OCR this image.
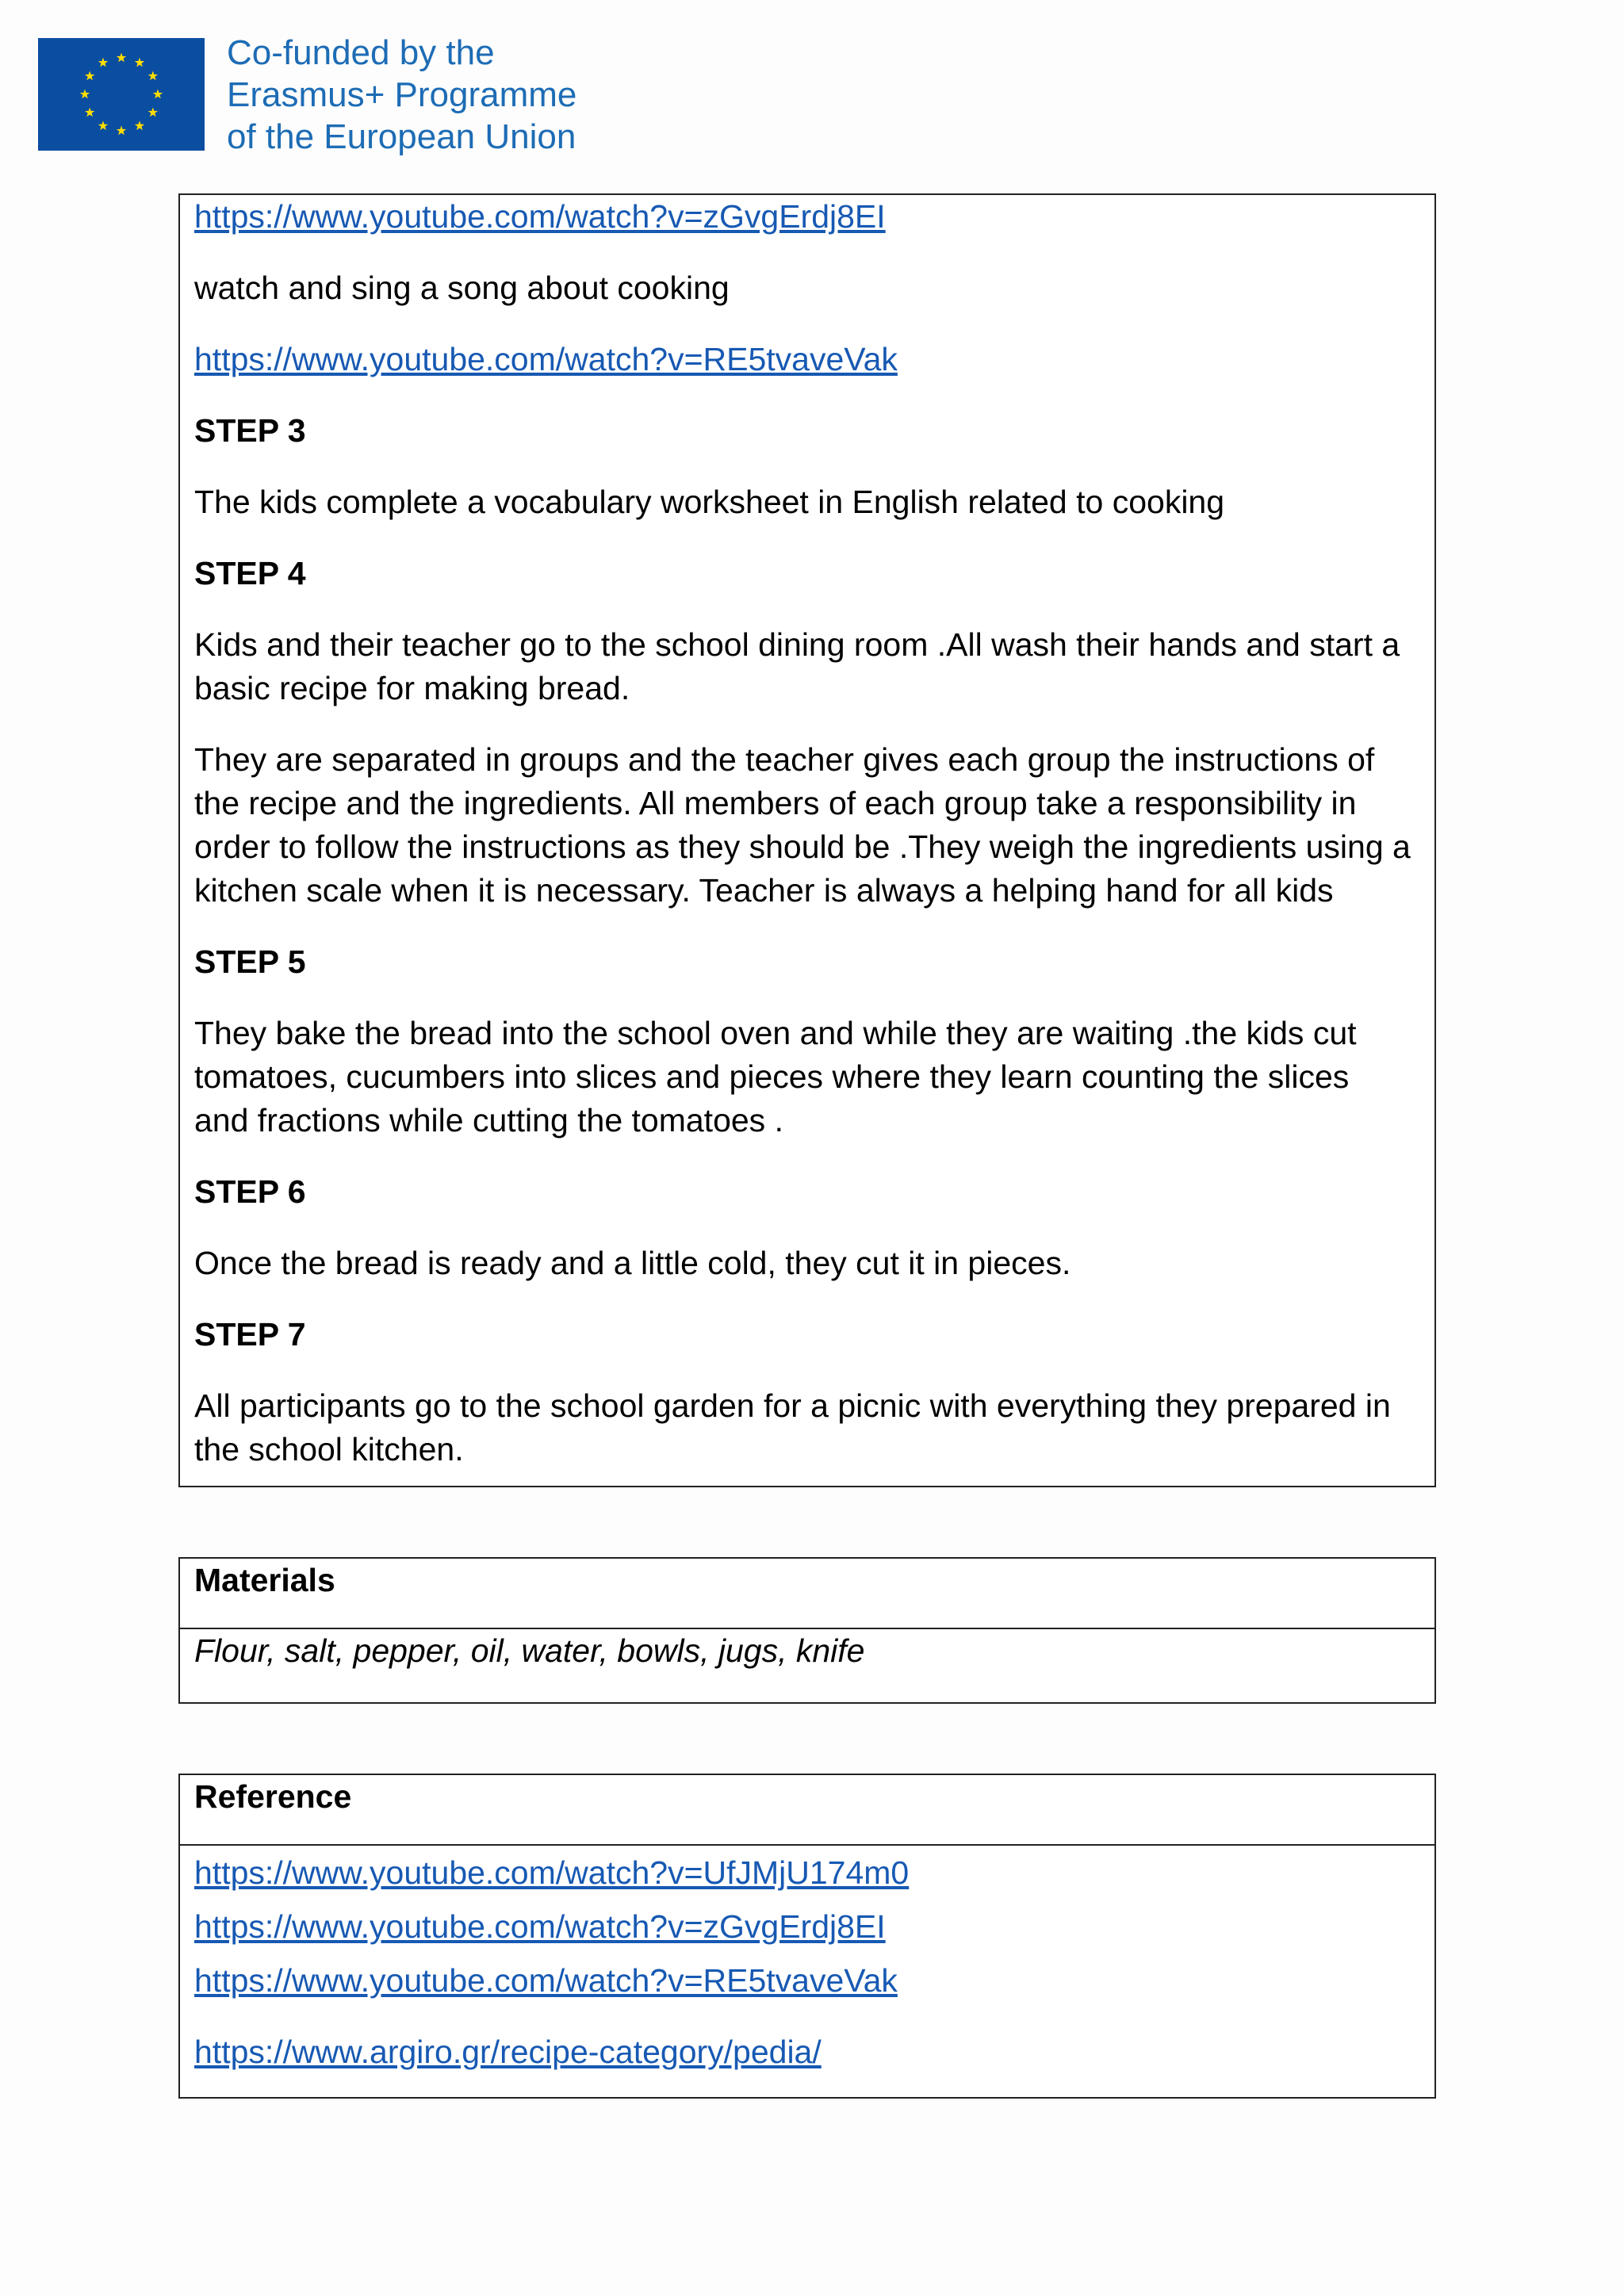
Co-funded by the
Erasmus+ Programme
of the European Union

https://www.youtube.com/watch?v=zGvgErdj8EI

watch and sing a song about cooking

https://www.youtube.com/watch?v=RE5tvaveVak

STEP 3

The kids complete a vocabulary worksheet in English related to cooking

STEP 4

Kids and their teacher go to the school dining room .All wash their hands and start a

basic recipe for making bread.

They are separated in groups and the teacher gives each group the instructions of

the recipe and the ingredients. All members of each group take a responsibility in

order to follow the instructions as they should be .They weigh the ingredients using a

kitchen scale when it is necessary. Teacher is always a helping hand for all kids

STEP 5

They bake the bread into the school oven and while they are waiting .the kids cut

tomatoes, cucumbers into slices and pieces where they learn counting the slices

and fractions while cutting the tomatoes .

STEP 6

Once the bread is ready and a little cold, they cut it in pieces.

STEP 7

All participants go to the school garden for a picnic with everything they prepared in

the school kitchen.

Materials
Flour, salt, pepper, oil, water, bowls, jugs, knife
Reference

https://www.youtube.com/watch?v=UfJMjU174m0

https://www.youtube.com/watch?v=zGvgErdj8EI

https://www.youtube.com/watch?v=RE5tvaveVak

https://www.argiro.gr/recipe-category/pedia/
